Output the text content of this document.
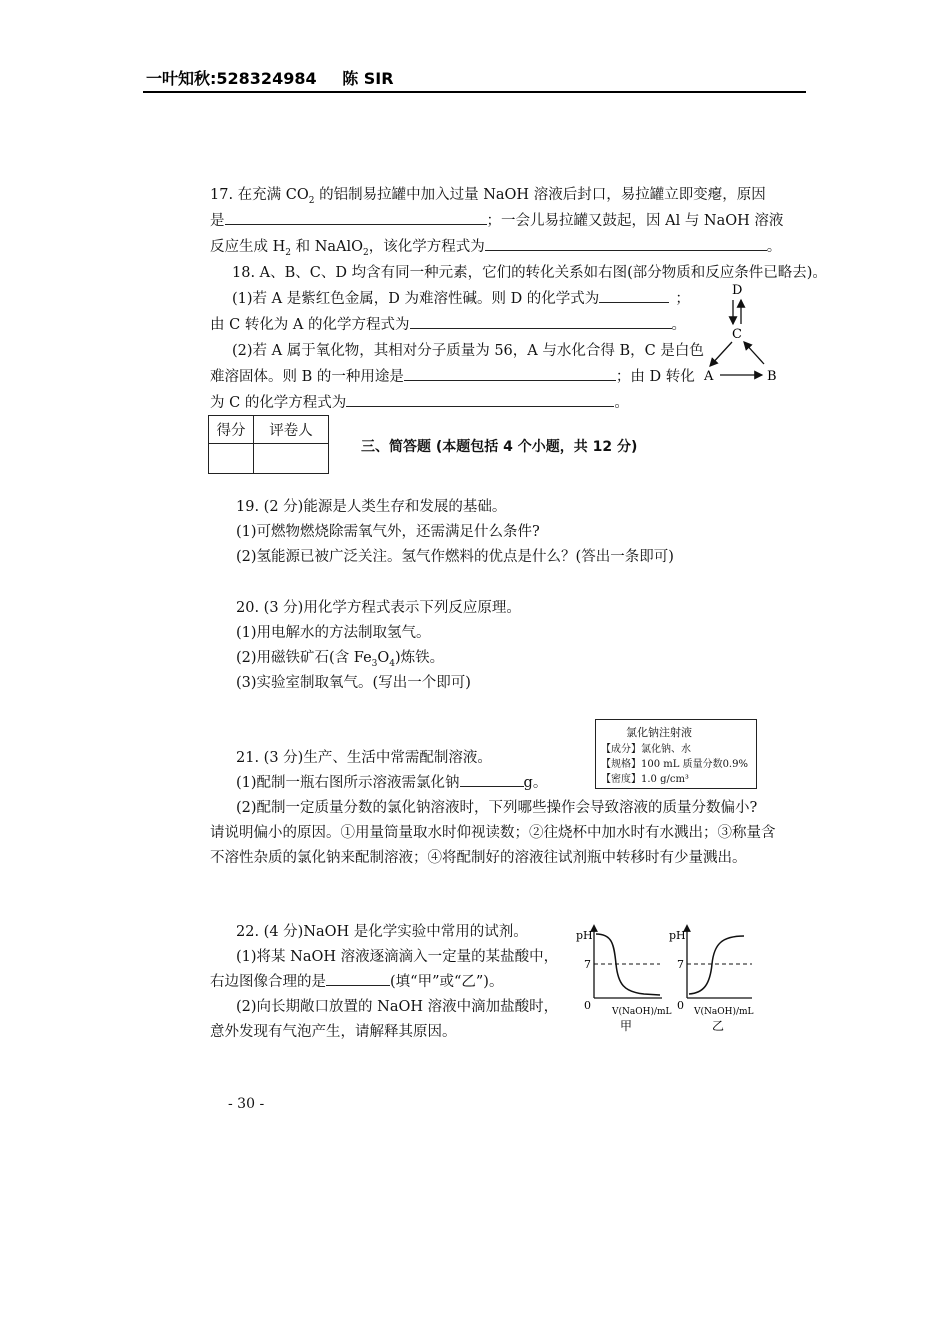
一叶知秋:528324984 陈 SIR
17. 在充满 $CO_2$ 的铝制易拉罐中加入过量 NaOH 溶液后封口，易拉罐立即变瘪，原因
是	；一会儿易拉罐又鼓起，因 Al 与 NaOH 溶液
反应生成 $H_2$ 和 NaAlO$_2$，该化学方程式为	。
18. A、B、C、D 均含有同一种元素，它们的转化关系如右图(部分物质和反应条件已略去)。
(1)若 A 是紫红色金属，D 为难溶性碱。则 D 的化学式为	；
由 C 转化为 A 的化学方程式为	。
(2)若 A 属于氧化物，其相对分子质量为 56，A 与水化合得 B，C 是白色
难溶固体。则 B 的一种用途是	；由 D 转化
为 C 的化学方程式为	。
D
C
A	B
得分	评卷人

三、简答题 (本题包括 4 个小题，共 12 分)
19. (2 分)能源是人类生存和发展的基础。
(1)可燃物燃烧除需氧气外，还需满足什么条件?
(2)氢能源已被广泛关注。氢气作燃料的优点是什么？(答出一条即可)
20. (3 分)用化学方程式表示下列反应原理。
(1)用电解水的方法制取氢气。
(2)用磁铁矿石(含 $Fe_3O_4$)炼铁。
(3)实验室制取氧气。(写出一个即可)
21. (3 分)生产、生活中常需配制溶液。
(1)配制一瓶右图所示溶液需氯化钠	g。
(2)配制一定质量分数的氯化钠溶液时，下列哪些操作会导致溶液的质量分数偏小?
请说明偏小的原因。①用量筒量取水时仰视读数；②往烧杯中加水时有水溅出；③称量含
不溶性杂质的氯化钠来配制溶液；④将配制好的溶液往试剂瓶中转移时有少量溅出。
氯化钠注射液
【成分】氯化钠、水
【规格】100 mL 质量分数0.9%
【密度】1.0 g/cm³
22. (4 分)NaOH 是化学实验中常用的试剂。
(1)将某 NaOH 溶液逐滴滴入一定量的某盐酸中，
右边图像合理的是	(填“甲”或“乙”)。
(2)向长期敞口放置的 NaOH 溶液中滴加盐酸时，
意外发现有气泡产生，请解释其原因。
pH
7
0 V(NaOH)/mL
甲
pH
7
0 V(NaOH)/mL
乙
- 30 -
